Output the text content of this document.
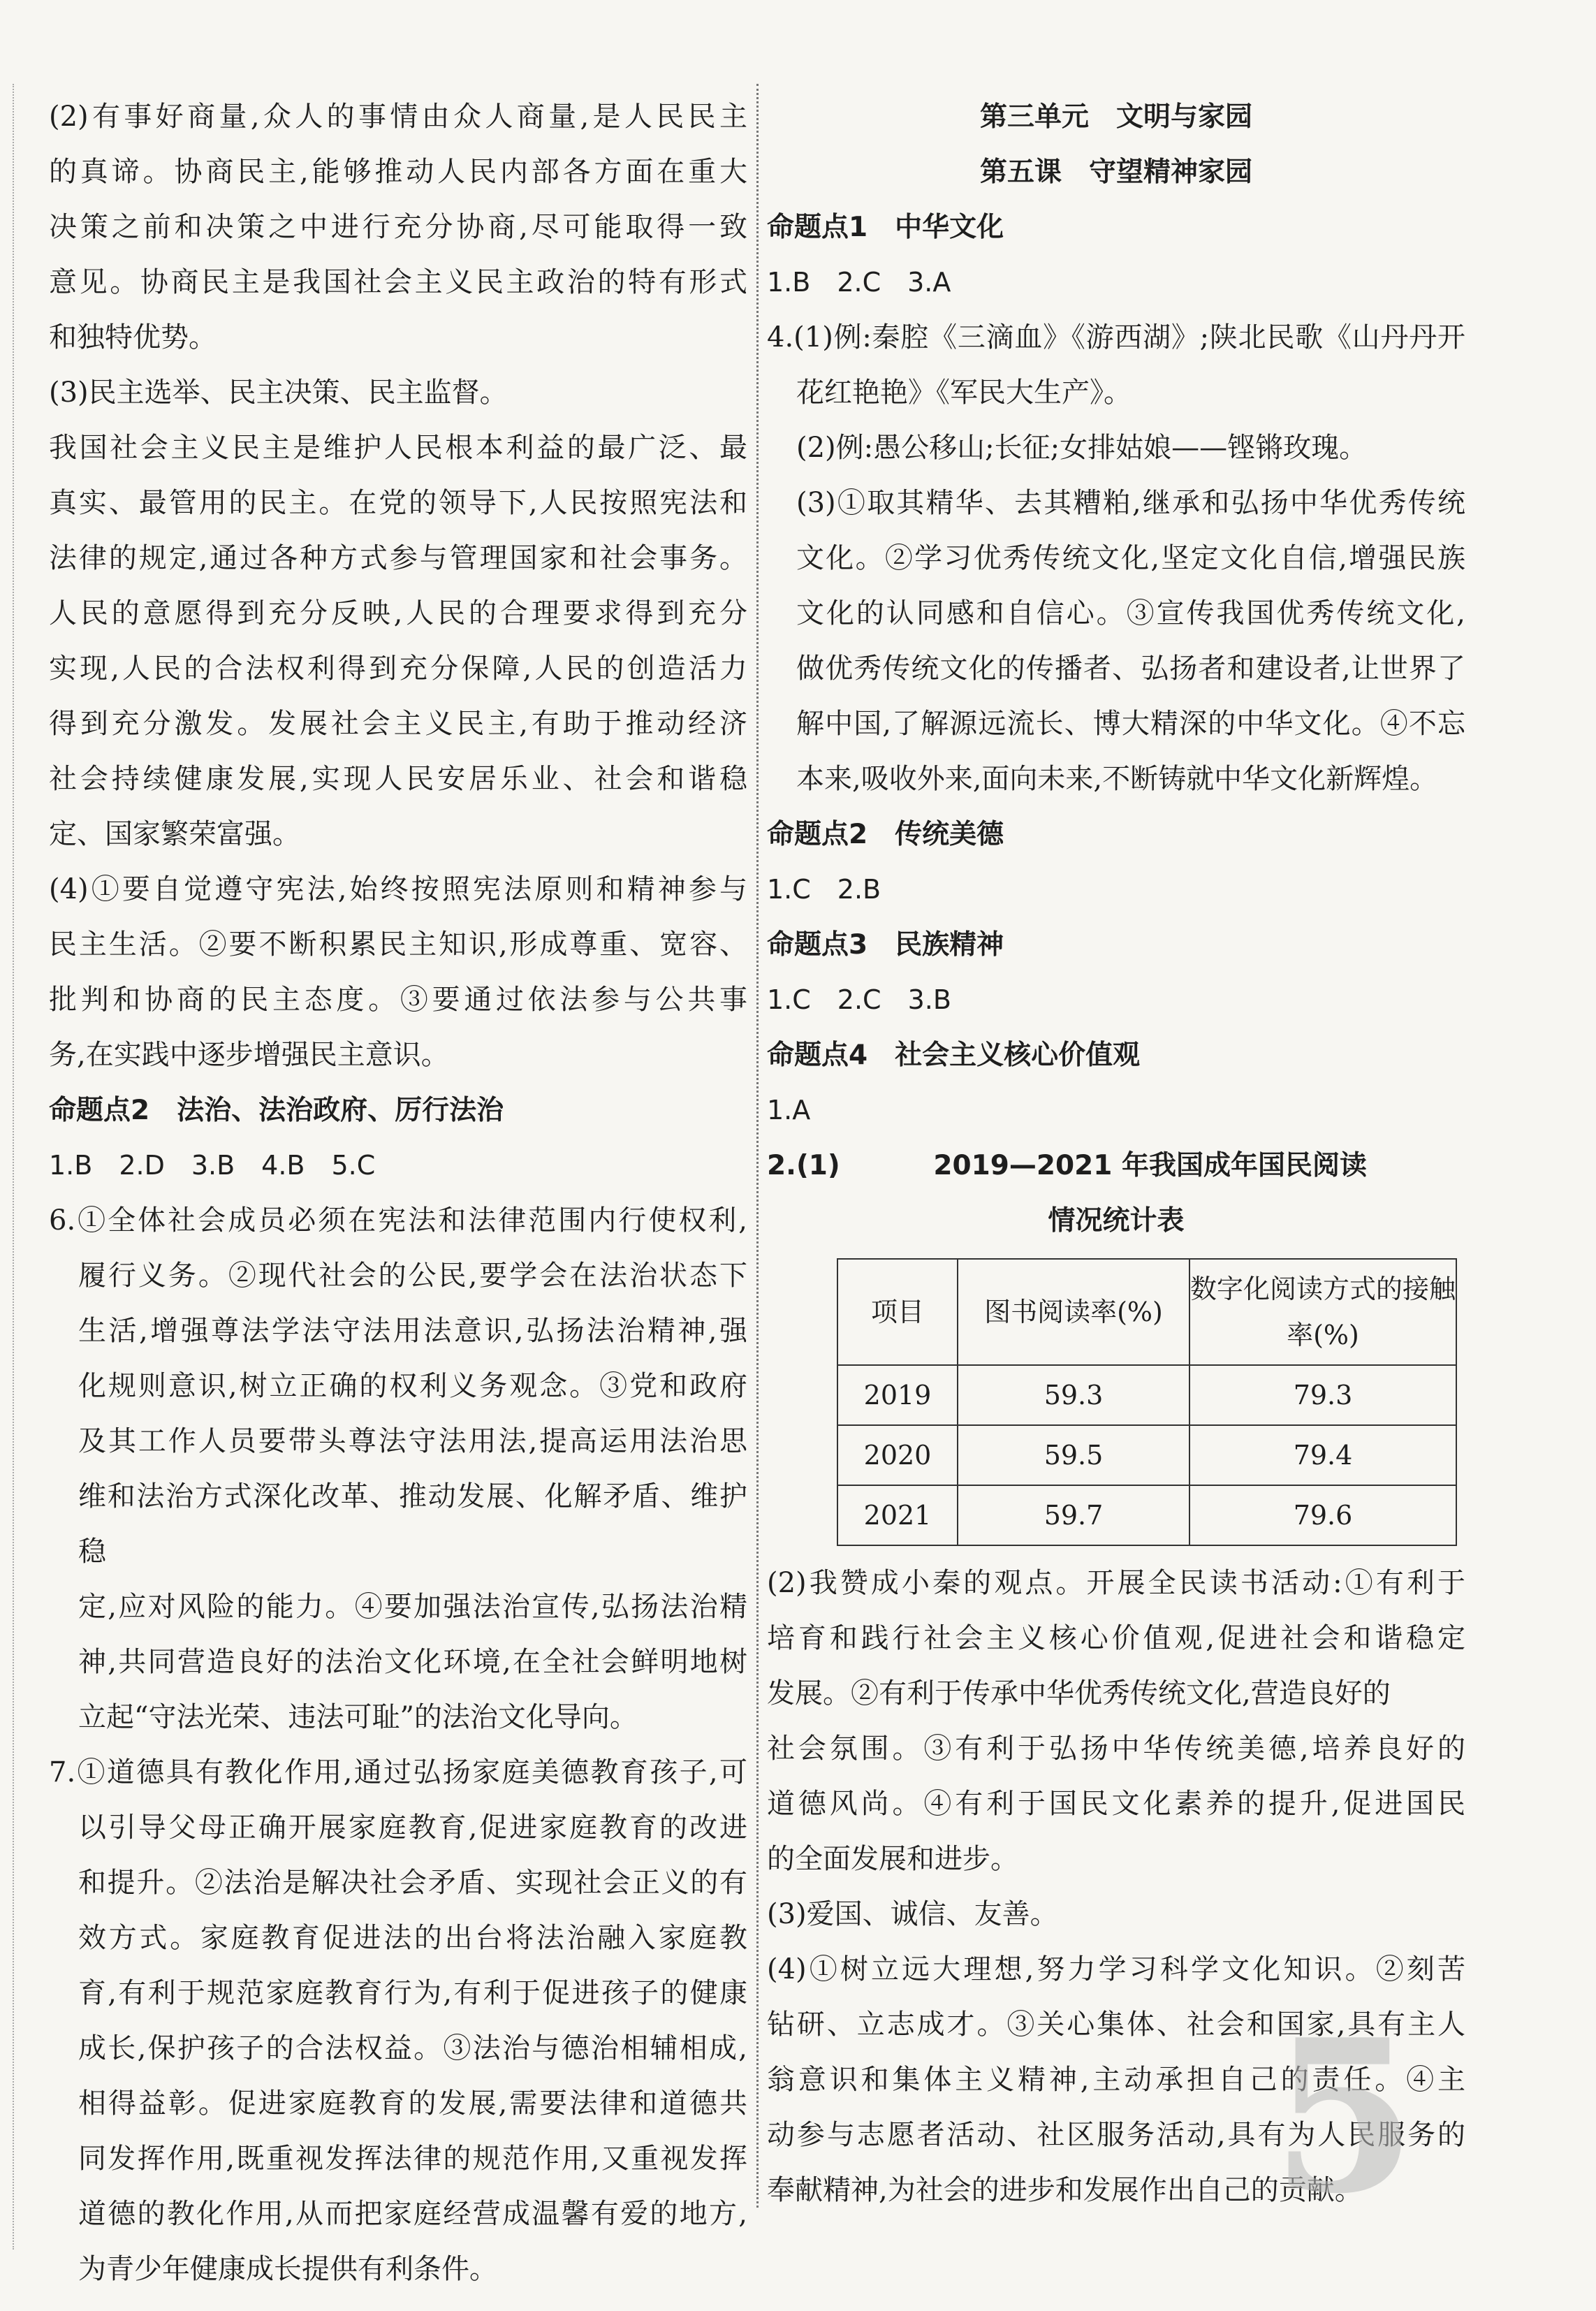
(2)有事好商量,众人的事情由众人商量,是人民民主

的真谛。协商民主,能够推动人民内部各方面在重大

决策之前和决策之中进行充分协商,尽可能取得一致

意见。协商民主是我国社会主义民主政治的特有形式

和独特优势。

(3)民主选举、民主决策、民主监督。

我国社会主义民主是维护人民根本利益的最广泛、最

真实、最管用的民主。在党的领导下,人民按照宪法和

法律的规定,通过各种方式参与管理国家和社会事务。

人民的意愿得到充分反映,人民的合理要求得到充分

实现,人民的合法权利得到充分保障,人民的创造活力

得到充分激发。发展社会主义民主,有助于推动经济

社会持续健康发展,实现人民安居乐业、社会和谐稳

定、国家繁荣富强。

(4)①要自觉遵守宪法,始终按照宪法原则和精神参与

民主生活。②要不断积累民主知识,形成尊重、宽容、

批判和协商的民主态度。③要通过依法参与公共事

务,在实践中逐步增强民主意识。

命题点2　法治、法治政府、厉行法治

1.B　2.D　3.B　4.B　5.C

6.①全体社会成员必须在宪法和法律范围内行使权利,

履行义务。②现代社会的公民,要学会在法治状态下

生活,增强尊法学法守法用法意识,弘扬法治精神,强

化规则意识,树立正确的权利义务观念。③党和政府

及其工作人员要带头尊法守法用法,提高运用法治思

维和法治方式深化改革、推动发展、化解矛盾、维护稳

定,应对风险的能力。④要加强法治宣传,弘扬法治精

神,共同营造良好的法治文化环境,在全社会鲜明地树

立起“守法光荣、违法可耻”的法治文化导向。

7.①道德具有教化作用,通过弘扬家庭美德教育孩子,可

以引导父母正确开展家庭教育,促进家庭教育的改进

和提升。②法治是解决社会矛盾、实现社会正义的有

效方式。家庭教育促进法的出台将法治融入家庭教

育,有利于规范家庭教育行为,有利于促进孩子的健康

成长,保护孩子的合法权益。③法治与德治相辅相成,

相得益彰。促进家庭教育的发展,需要法律和道德共

同发挥作用,既重视发挥法律的规范作用,又重视发挥

道德的教化作用,从而把家庭经营成温馨有爱的地方,

为青少年健康成长提供有利条件。

第三单元　文明与家园

第五课　守望精神家园

命题点1　中华文化

1.B　2.C　3.A

4.(1)例:秦腔《三滴血》《游西湖》;陕北民歌《山丹丹开

花红艳艳》《军民大生产》。

(2)例:愚公移山;长征;女排姑娘——铿锵玫瑰。

(3)①取其精华、去其糟粕,继承和弘扬中华优秀传统

文化。②学习优秀传统文化,坚定文化自信,增强民族

文化的认同感和自信心。③宣传我国优秀传统文化,

做优秀传统文化的传播者、弘扬者和建设者,让世界了

解中国,了解源远流长、博大精深的中华文化。④不忘

本来,吸收外来,面向未来,不断铸就中华文化新辉煌。

命题点2　传统美德

1.C　2.B

命题点3　民族精神

1.C　2.C　3.B

命题点4　社会主义核心价值观

1.A

2.(1)	2019—2021 年我国成年国民阅读

情况统计表

项目	图书阅读率(%)	数字化阅读方式的接触率(%)
2019	59.3	79.3
2020	59.5	79.4
2021	59.7	79.6

(2)我赞成小秦的观点。开展全民读书活动:①有利于

培育和践行社会主义核心价值观,促进社会和谐稳定

发展。②有利于传承中华优秀传统文化,营造良好的

社会氛围。③有利于弘扬中华传统美德,培养良好的

道德风尚。④有利于国民文化素养的提升,促进国民

的全面发展和进步。

(3)爱国、诚信、友善。

(4)①树立远大理想,努力学习科学文化知识。②刻苦

钻研、立志成才。③关心集体、社会和国家,具有主人

翁意识和集体主义精神,主动承担自己的责任。④主

动参与志愿者活动、社区服务活动,具有为人民服务的

奉献精神,为社会的进步和发展作出自己的贡献。

5
